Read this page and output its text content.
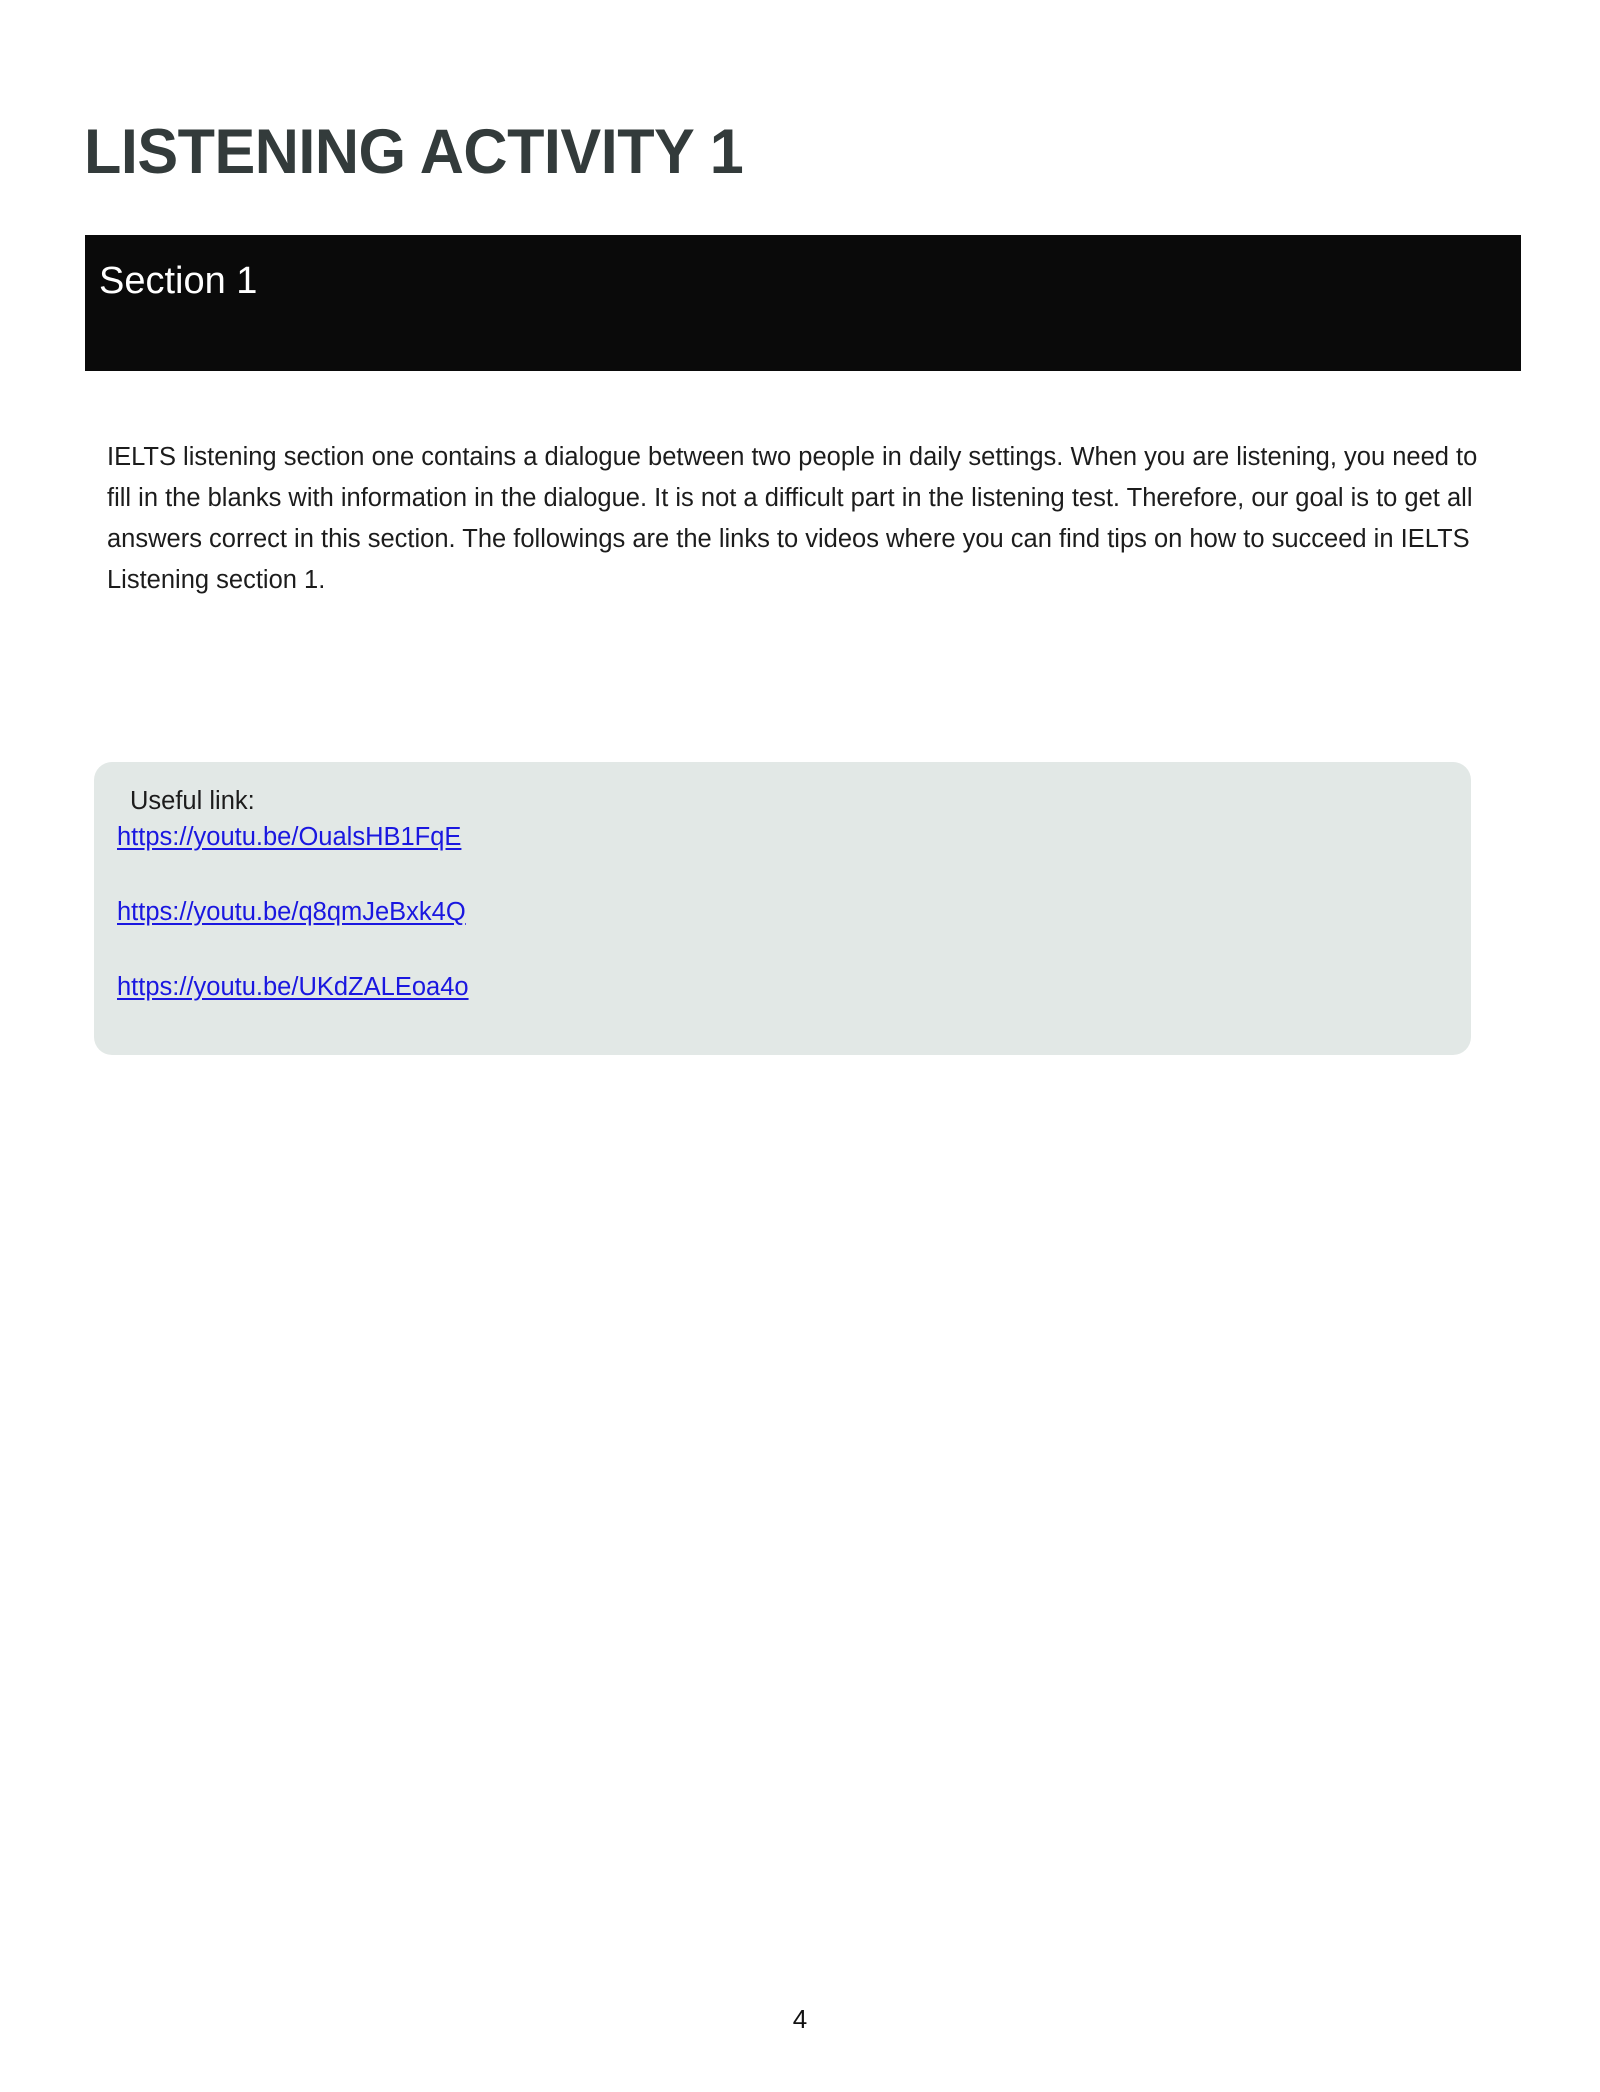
LISTENING ACTIVITY 1
Section 1
IELTS listening section one contains a dialogue between two people in daily settings. When you are listening, you need to
fill in the blanks with information in the dialogue. It is not a difficult part in the listening test. Therefore, our goal is to get all
answers correct in this section. The followings are the links to videos where you can find tips on how to succeed in IELTS
Listening section 1.
Useful link:
https://youtu.be/OualsHB1FqE
https://youtu.be/q8qmJeBxk4Q
https://youtu.be/UKdZALEoa4o
4
